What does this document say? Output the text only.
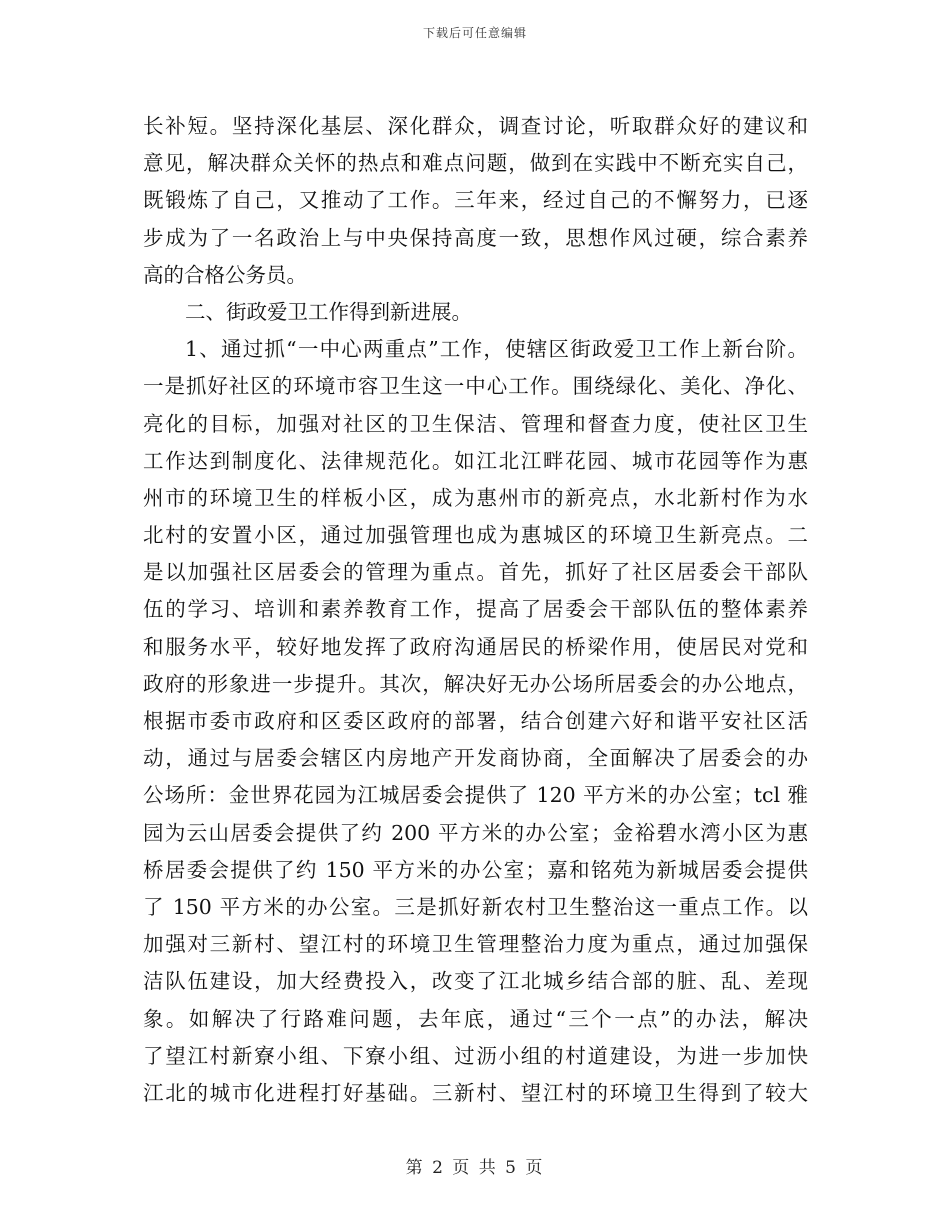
下载后可任意编辑
长补短。坚持深化基层、深化群众，调查讨论，听取群众好的建议和
意见，解决群众关怀的热点和难点问题，做到在实践中不断充实自己，
既锻炼了自己，又推动了工作。三年来，经过自己的不懈努力，已逐
步成为了一名政治上与中央保持高度一致，思想作风过硬，综合素养
高的合格公务员。
二、街政爱卫工作得到新进展。
1、通过抓“一中心两重点”工作，使辖区街政爱卫工作上新台阶。
一是抓好社区的环境市容卫生这一中心工作。围绕绿化、美化、净化、
亮化的目标，加强对社区的卫生保洁、管理和督查力度，使社区卫生
工作达到制度化、法律规范化。如江北江畔花园、城市花园等作为惠
州市的环境卫生的样板小区，成为惠州市的新亮点，水北新村作为水
北村的安置小区，通过加强管理也成为惠城区的环境卫生新亮点。二
是以加强社区居委会的管理为重点。首先，抓好了社区居委会干部队
伍的学习、培训和素养教育工作，提高了居委会干部队伍的整体素养
和服务水平，较好地发挥了政府沟通居民的桥梁作用，使居民对党和
政府的形象进一步提升。其次，解决好无办公场所居委会的办公地点，
根据市委市政府和区委区政府的部署，结合创建六好和谐平安社区活
动，通过与居委会辖区内房地产开发商协商，全面解决了居委会的办
公场所：金世界花园为江城居委会提供了 120 平方米的办公室；tcl 雅
园为云山居委会提供了约 200 平方米的办公室；金裕碧水湾小区为惠
桥居委会提供了约 150 平方米的办公室；嘉和铭苑为新城居委会提供
了 150 平方米的办公室。三是抓好新农村卫生整治这一重点工作。以
加强对三新村、望江村的环境卫生管理整治力度为重点，通过加强保
洁队伍建设，加大经费投入，改变了江北城乡结合部的脏、乱、差现
象。如解决了行路难问题，去年底，通过“三个一点”的办法，解决
了望江村新寮小组、下寮小组、过沥小组的村道建设，为进一步加快
江北的城市化进程打好基础。三新村、望江村的环境卫生得到了较大
第 2 页 共 5 页
